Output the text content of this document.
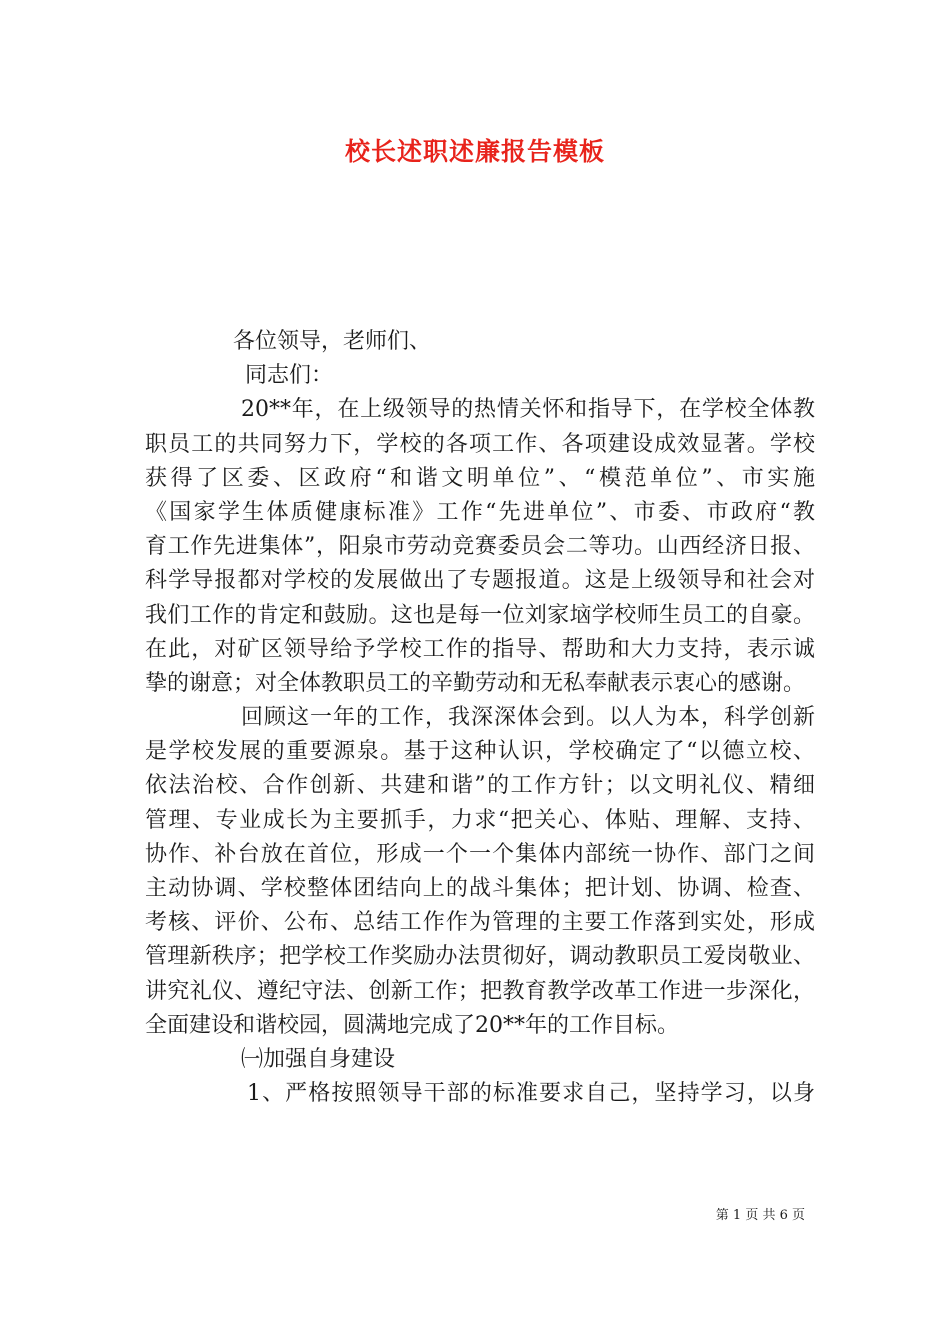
校长述职述廉报告模板
各位领导，老师们、
同志们：
20**年，在上级领导的热情关怀和指导下，在学校全体教
职员工的共同努力下，学校的各项工作、各项建设成效显著。学校
获得了区委、区政府“和谐文明单位”、“模范单位”、市实施
《国家学生体质健康标准》工作“先进单位”、市委、市政府“教
育工作先进集体”，阳泉市劳动竞赛委员会二等功。山西经济日报、
科学导报都对学校的发展做出了专题报道。这是上级领导和社会对
我们工作的肯定和鼓励。这也是每一位刘家垴学校师生员工的自豪。
在此，对矿区领导给予学校工作的指导、帮助和大力支持，表示诚
挚的谢意；对全体教职员工的辛勤劳动和无私奉献表示衷心的感谢。
回顾这一年的工作，我深深体会到。以人为本，科学创新
是学校发展的重要源泉。基于这种认识，学校确定了“以德立校、
依法治校、合作创新、共建和谐”的工作方针；以文明礼仪、精细
管理、专业成长为主要抓手，力求“把关心、体贴、理解、支持、
协作、补台放在首位，形成一个一个集体内部统一协作、部门之间
主动协调、学校整体团结向上的战斗集体；把计划、协调、检查、
考核、评价、公布、总结工作作为管理的主要工作落到实处，形成
管理新秩序；把学校工作奖励办法贯彻好，调动教职员工爱岗敬业、
讲究礼仪、遵纪守法、创新工作；把教育教学改革工作进一步深化，
全面建设和谐校园，圆满地完成了20**年的工作目标。
㈠加强自身建设
1、严格按照领导干部的标准要求自己，坚持学习，以身
第 1 页 共 6 页
